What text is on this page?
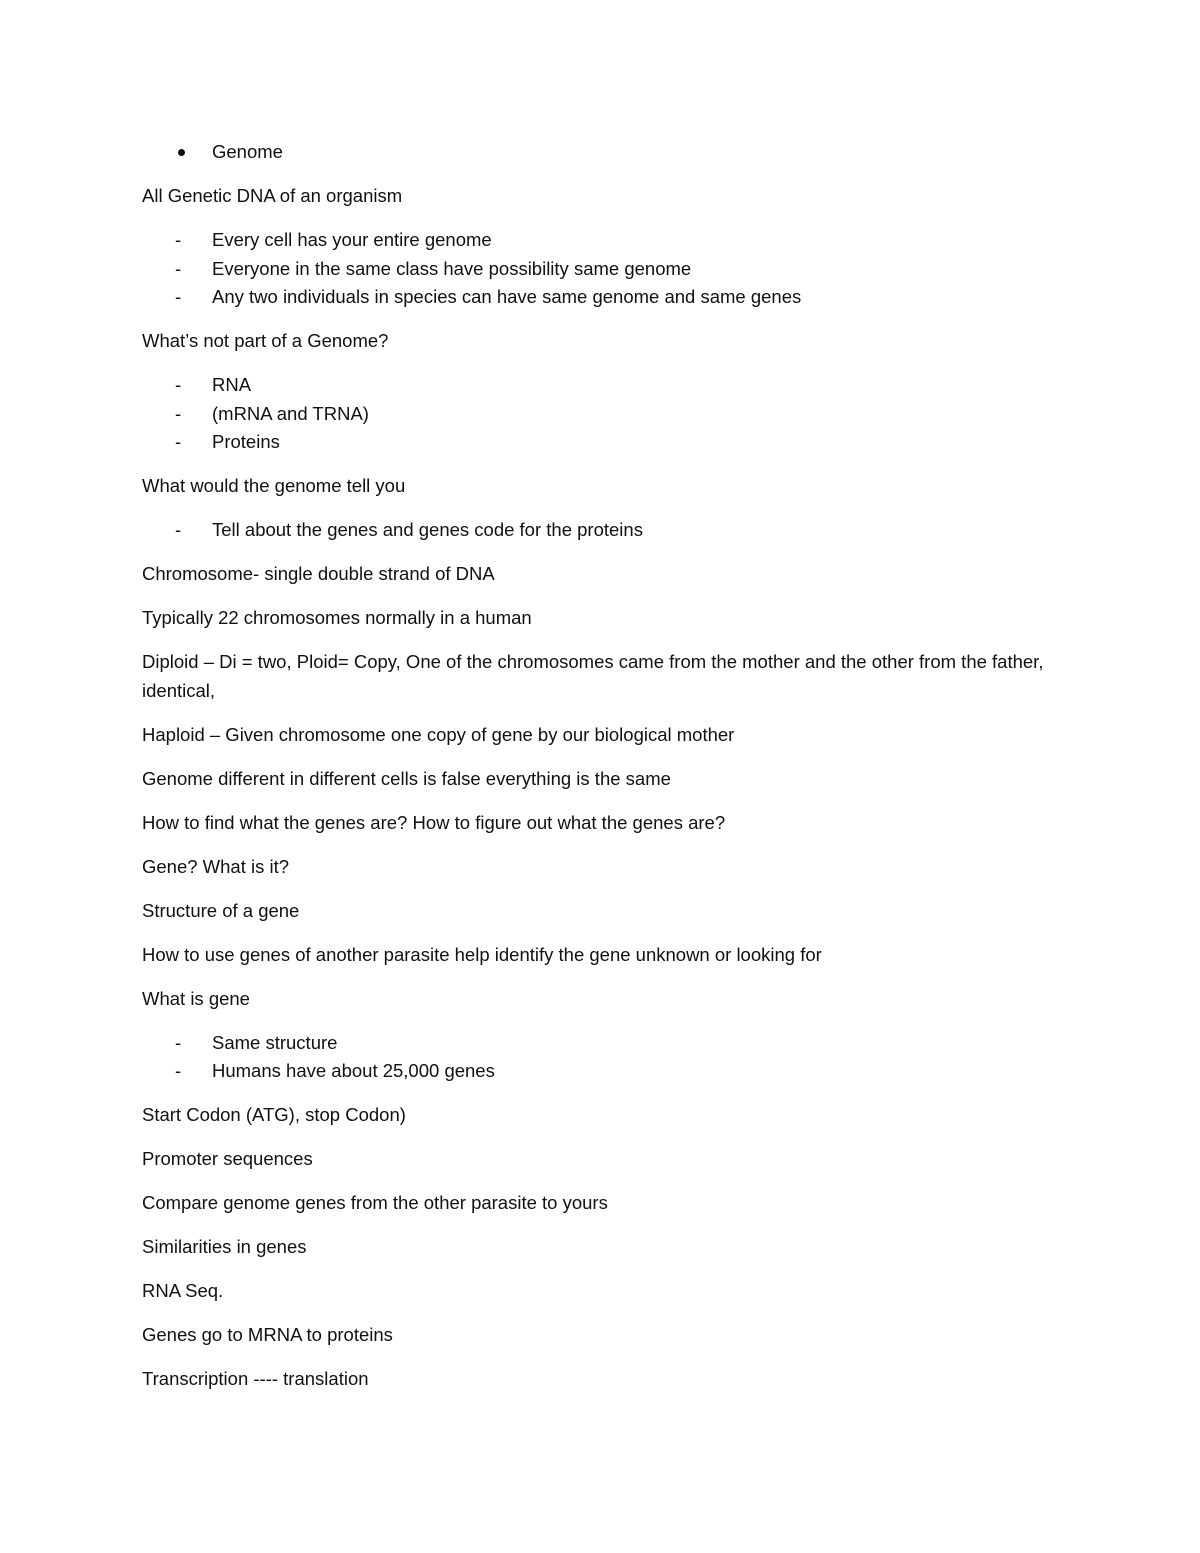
Genome

All Genetic DNA of an organism

- Every cell has your entire genome
- Everyone in the same class have possibility same genome
- Any two individuals in species can have same genome and same genes

What’s not part of a Genome?

- RNA
- (mRNA and TRNA)
- Proteins

What would the genome tell you

- Tell about the genes and genes code for the proteins

Chromosome- single double strand of DNA

Typically 22 chromosomes normally in a human

Diploid – Di = two, Ploid= Copy, One of the chromosomes came from the mother and the other from the father, identical,

Haploid – Given chromosome one copy of gene by our biological mother

Genome different in different cells is false everything is the same

How to find what the genes are? How to figure out what the genes are?

Gene? What is it?

Structure of a gene

How to use genes of another parasite help identify the gene unknown or looking for

What is gene

- Same structure
- Humans have about 25,000 genes

Start Codon (ATG), stop Codon)

Promoter sequences

Compare genome genes from the other parasite to yours

Similarities in genes

RNA Seq.

Genes go to MRNA to proteins

Transcription ---- translation
